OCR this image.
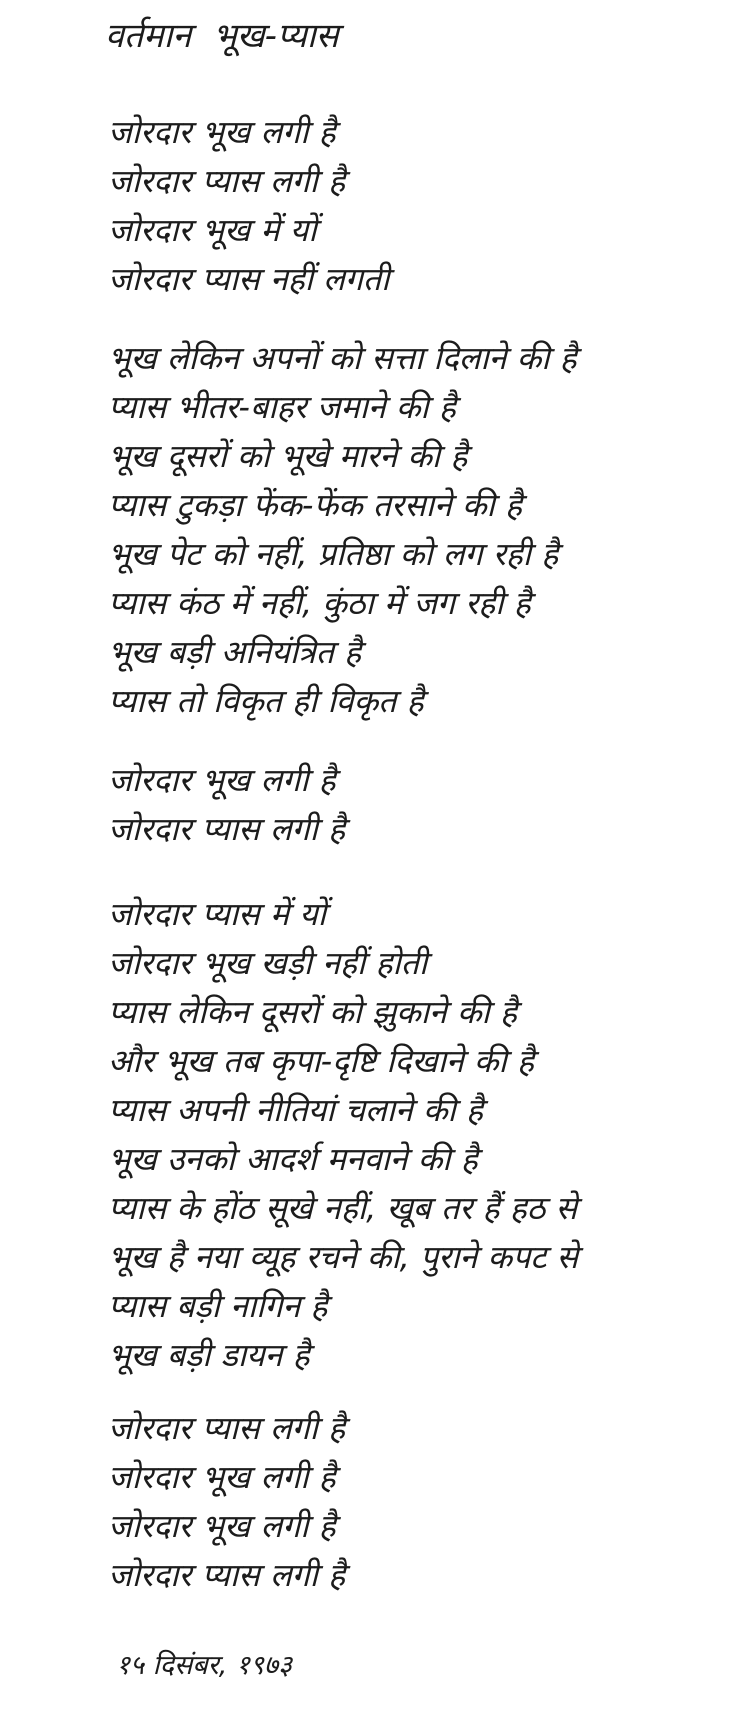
वर्तमान  भूख-प्यास
जोरदार भूख लगी है
जोरदार प्यास लगी है
जोरदार भूख में यों
जोरदार प्यास नहीं लगती
भूख लेकिन अपनों को सत्ता दिलाने की है
प्यास भीतर-बाहर जमाने की है
भूख दूसरों को भूखे मारने की है
प्यास टुकड़ा फेंक-फेंक तरसाने की है
भूख पेट को नहीं, प्रतिष्ठा को लग रही है
प्यास कंठ में नहीं, कुंठा में जग रही है
भूख बड़ी अनियंत्रित है
प्यास तो विकृत ही विकृत है
जोरदार भूख लगी है
जोरदार प्यास लगी है
जोरदार प्यास में यों
जोरदार भूख खड़ी नहीं होती
प्यास लेकिन दूसरों को झुकाने की है
और भूख तब कृपा-दृष्टि दिखाने की है
प्यास अपनी नीतियां चलाने की है
भूख उनको आदर्श मनवाने की है
प्यास के होंठ सूखे नहीं, खूब तर हैं हठ से
भूख है नया व्यूह रचने की, पुराने कपट से
प्यास बड़ी नागिन है
भूख बड़ी डायन है
जोरदार प्यास लगी है
जोरदार भूख लगी है
जोरदार भूख लगी है
जोरदार प्यास लगी है
१५ दिसंबर, १९७३
